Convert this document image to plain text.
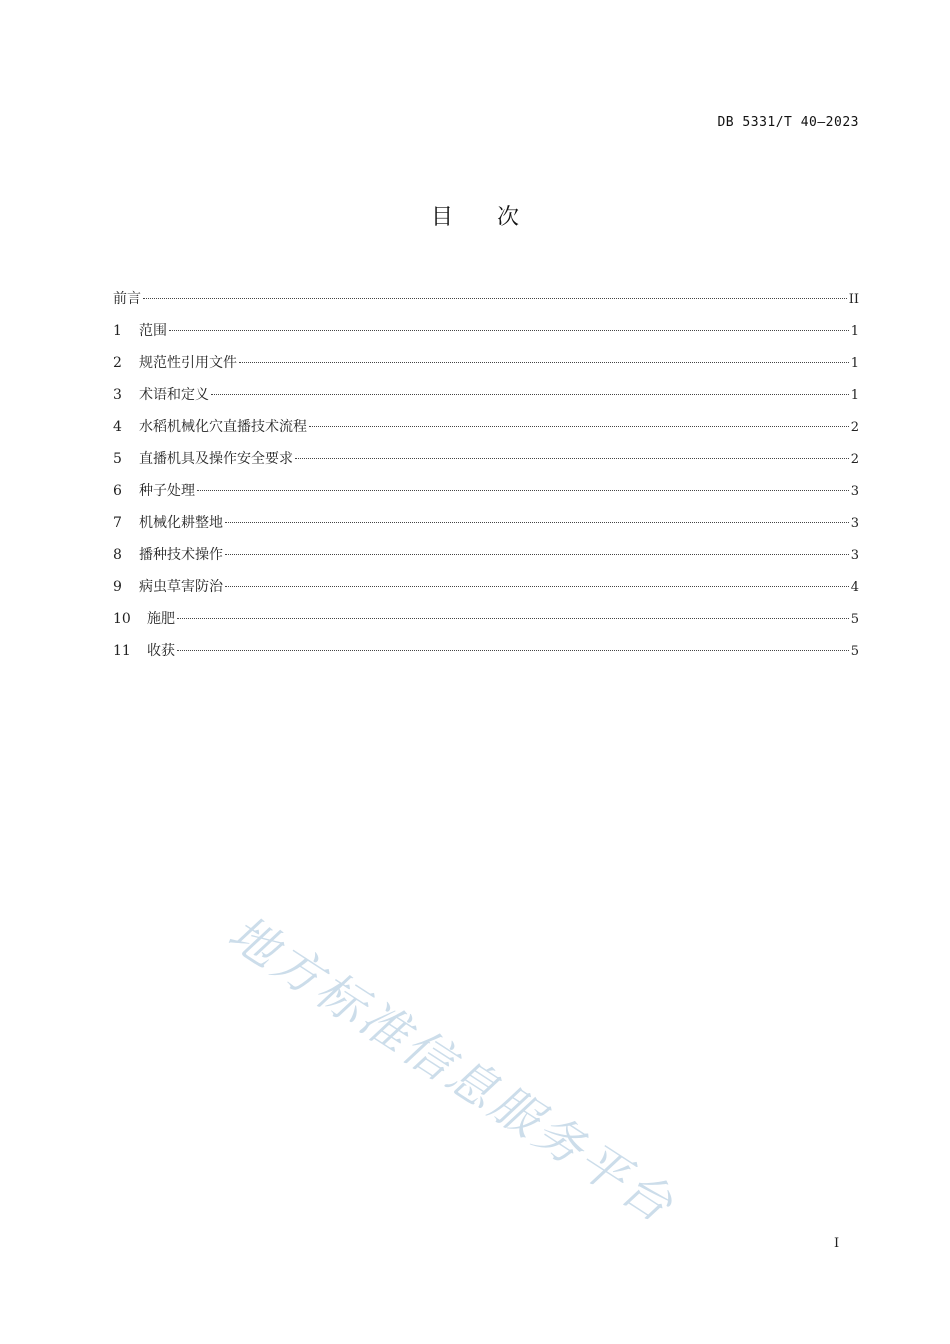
DB 5331/T 40—2023
目 次
前言	II
1	范围	1
2	规范性引用文件	1
3	术语和定义	1
4	水稻机械化穴直播技术流程	2
5	直播机具及操作安全要求	2
6	种子处理	3
7	机械化耕整地	3
8	播种技术操作	3
9	病虫草害防治	4
10	施肥	5
11	收获	5
地方标准信息服务平台
I
